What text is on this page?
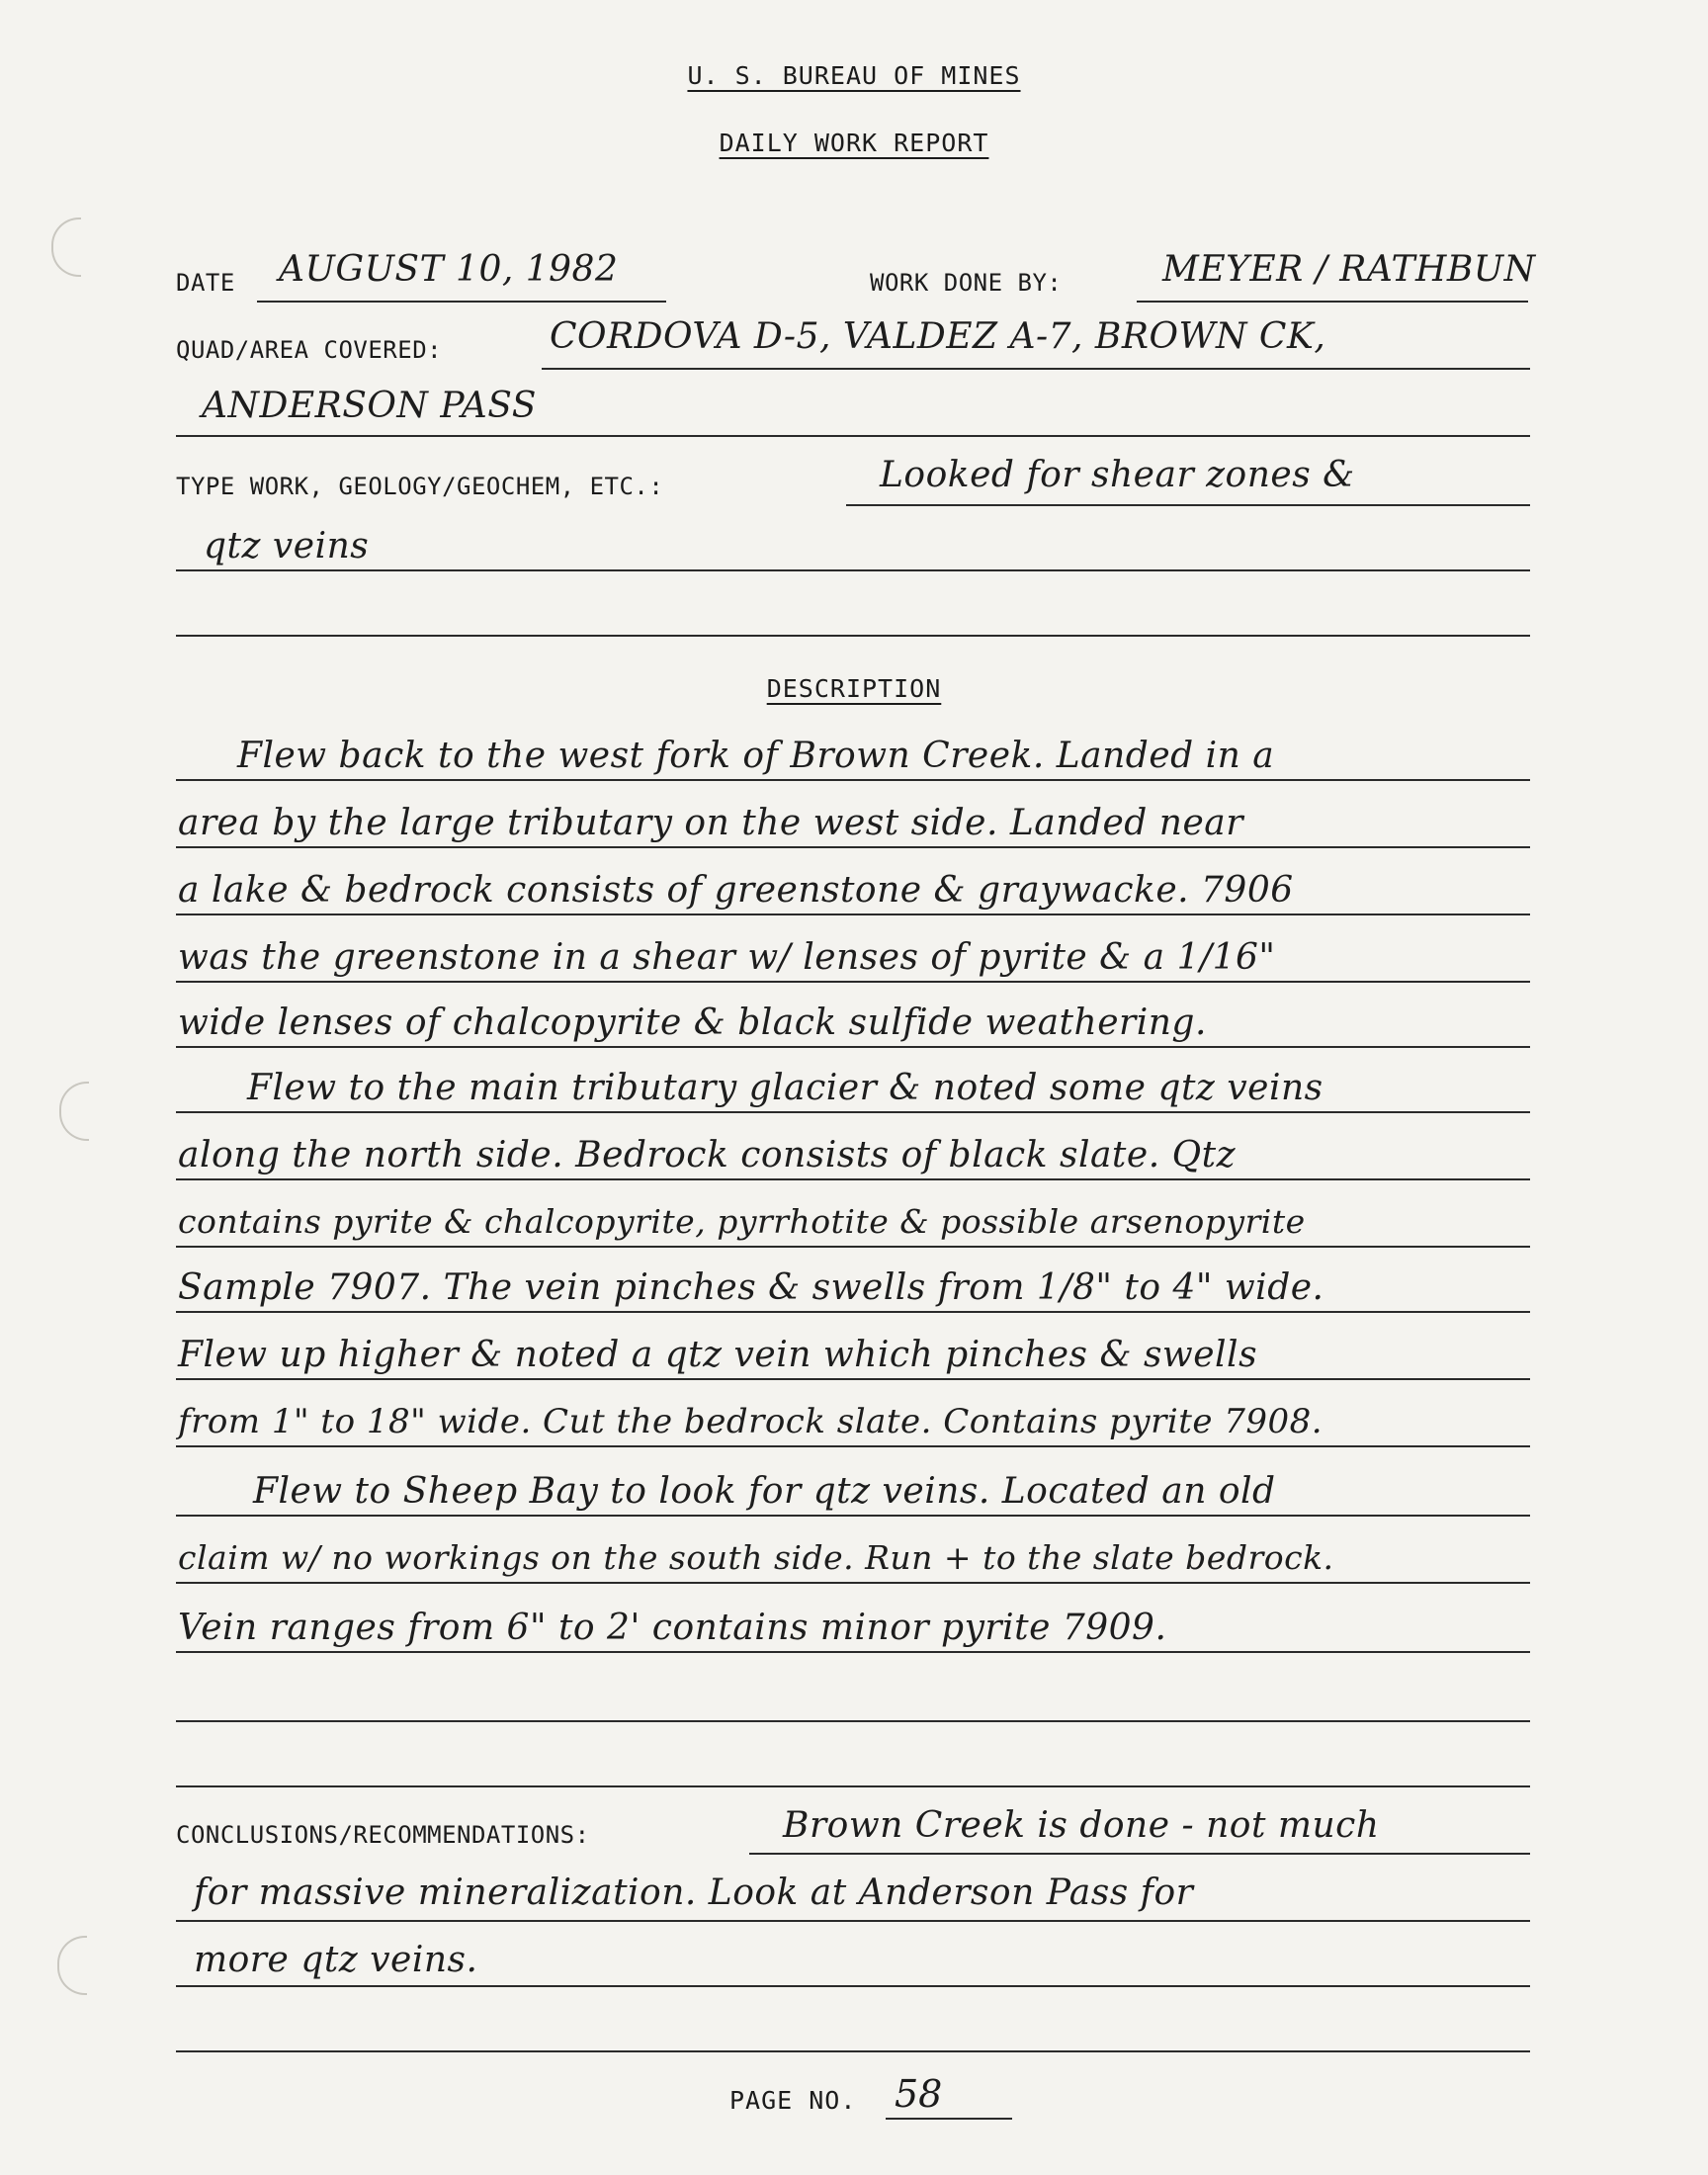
U. S. BUREAU OF MINES
DAILY WORK REPORT
DATE AUGUST 10, 1982	WORK DONE BY:	MEYER / RATHBUN
QUAD/AREA COVERED:	CORDOVA D-5, VALDEZ A-7, BROWN CK,
ANDERSON PASS
TYPE WORK, GEOLOGY/GEOCHEM, ETC.:	Looked for shear zones &
qtz veins
DESCRIPTION
Flew back to the west fork of Brown Creek. Landed in a
area by the large tributary on the west side. Landed near
a lake & bedrock consists of greenstone & graywacke. 7906
was the greenstone in a shear w/ lenses of pyrite & a 1/16"
wide lenses of chalcopyrite & black sulfide weathering.
Flew to the main tributary glacier & noted some qtz veins
along the north side. Bedrock consists of black slate. Qtz
contains pyrite & chalcopyrite, pyrrhotite & possible arsenopyrite
Sample 7907. The vein pinches & swells from 1/8" to 4" wide.
Flew up higher & noted a qtz vein which pinches & swells
from 1" to 18" wide. Cut the bedrock slate. Contains pyrite 7908.
Flew to Sheep Bay to look for qtz veins. Located an old
claim w/ no workings on the south side. Run + to the slate bedrock.
Vein ranges from 6" to 2' contains minor pyrite 7909.
CONCLUSIONS/RECOMMENDATIONS:	Brown Creek is done - not much
for massive mineralization. Look at Anderson Pass for
more qtz veins.
PAGE NO. 58
